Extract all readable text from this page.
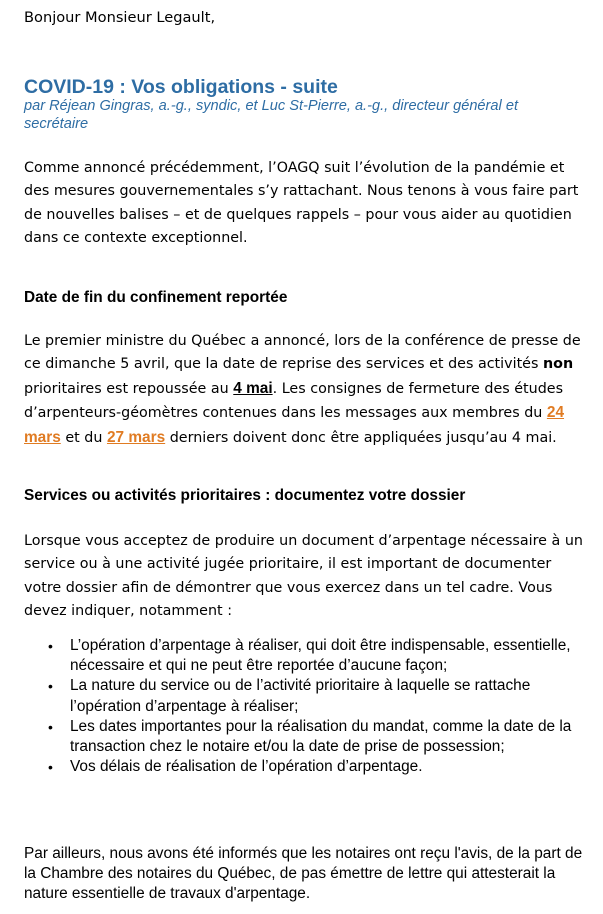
Bonjour Monsieur Legault,
COVID-19 : Vos obligations - suite
par Réjean Gingras, a.-g., syndic, et Luc St-Pierre, a.-g., directeur général et secrétaire
Comme annoncé précédemment, l’OAGQ suit l’évolution de la pandémie et des mesures gouvernementales s’y rattachant. Nous tenons à vous faire part de nouvelles balises – et de quelques rappels – pour vous aider au quotidien dans ce contexte exceptionnel.
Date de fin du confinement reportée
Le premier ministre du Québec a annoncé, lors de la conférence de presse de ce dimanche 5 avril, que la date de reprise des services et des activités non prioritaires est repoussée au 4 mai. Les consignes de fermeture des études d’arpenteurs-géomètres contenues dans les messages aux membres du 24 mars et du 27 mars derniers doivent donc être appliquées jusqu’au 4 mai.
Services ou activités prioritaires : documentez votre dossier
Lorsque vous acceptez de produire un document d’arpentage nécessaire à un service ou à une activité jugée prioritaire, il est important de documenter votre dossier afin de démontrer que vous exercez dans un tel cadre. Vous devez indiquer, notamment :
• L’opération d’arpentage à réaliser, qui doit être indispensable, essentielle, nécessaire et qui ne peut être reportée d’aucune façon;
• La nature du service ou de l’activité prioritaire à laquelle se rattache l’opération d’arpentage à réaliser;
• Les dates importantes pour la réalisation du mandat, comme la date de la transaction chez le notaire et/ou la date de prise de possession;
• Vos délais de réalisation de l’opération d’arpentage.
Par ailleurs, nous avons été informés que les notaires ont reçu l'avis, de la part de la Chambre des notaires du Québec, de pas émettre de lettre qui attesterait la nature essentielle de travaux d'arpentage.
